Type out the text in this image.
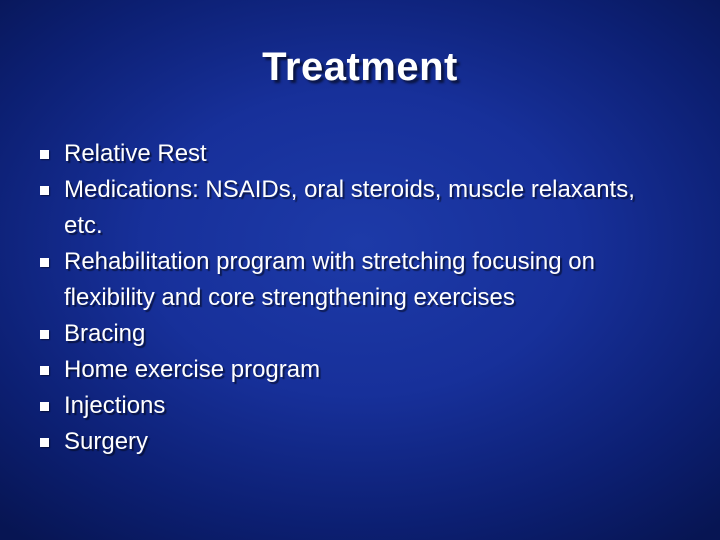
Treatment
Relative Rest
Medications: NSAIDs, oral steroids, muscle relaxants, etc.
Rehabilitation program with stretching focusing on flexibility and core strengthening exercises
Bracing
Home exercise program
Injections
Surgery
